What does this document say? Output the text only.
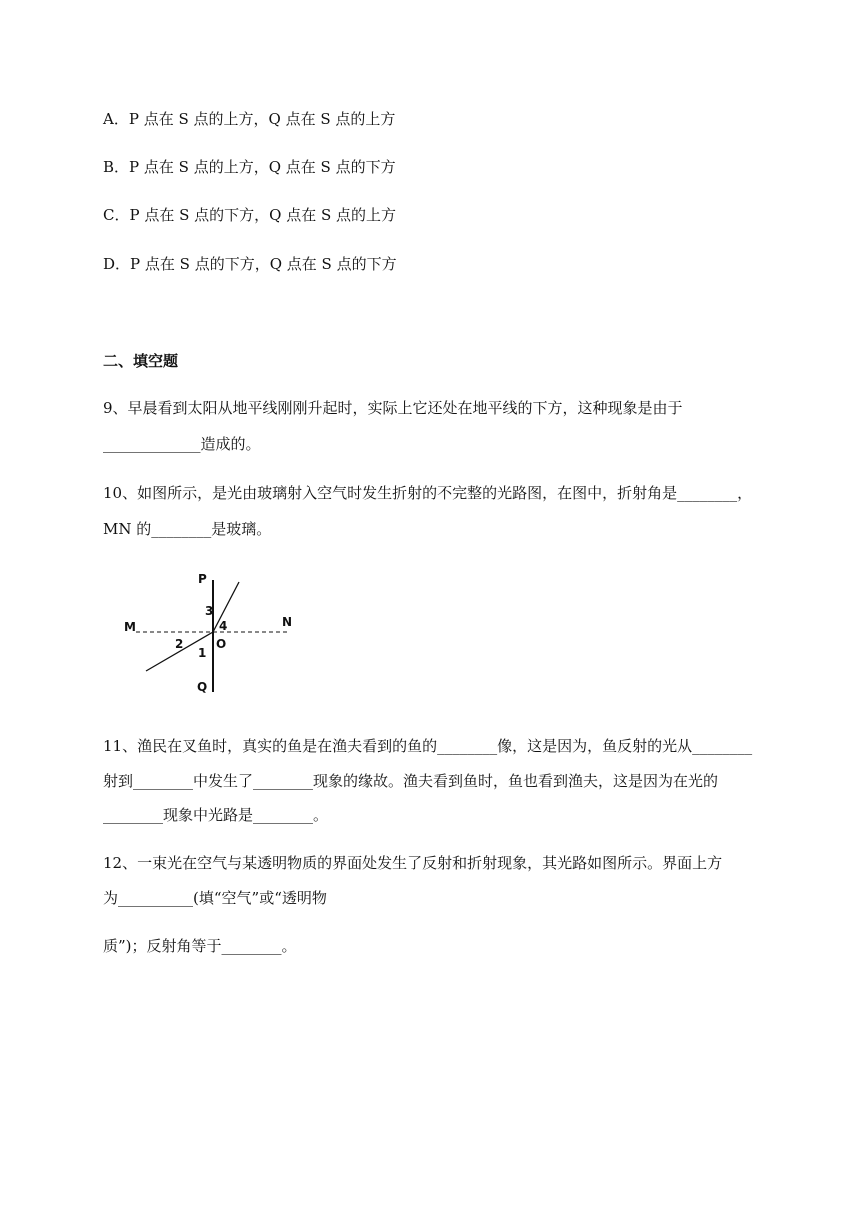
A．P 点在 S 点的上方，Q 点在 S 点的上方
B．P 点在 S 点的上方，Q 点在 S 点的下方
C．P 点在 S 点的下方，Q 点在 S 点的上方
D．P 点在 S 点的下方，Q 点在 S 点的下方
二、填空题
9、早晨看到太阳从地平线刚刚升起时，实际上它还处在地平线的下方，这种现象是由于
_____________造成的。
10、如图所示，是光由玻璃射入空气时发生折射的不完整的光路图，在图中，折射角是________，
MN 的________是玻璃。
P
Q
M	N
O
1
2
3
4
11、渔民在叉鱼时，真实的鱼是在渔夫看到的鱼的________像，这是因为，鱼反射的光从________
射到________中发生了________现象的缘故。渔夫看到鱼时，鱼也看到渔夫，这是因为在光的
________现象中光路是________。
12、一束光在空气与某透明物质的界面处发生了反射和折射现象，其光路如图所示。界面上方
为__________(填“空气”或“透明物
质”)；反射角等于________。
